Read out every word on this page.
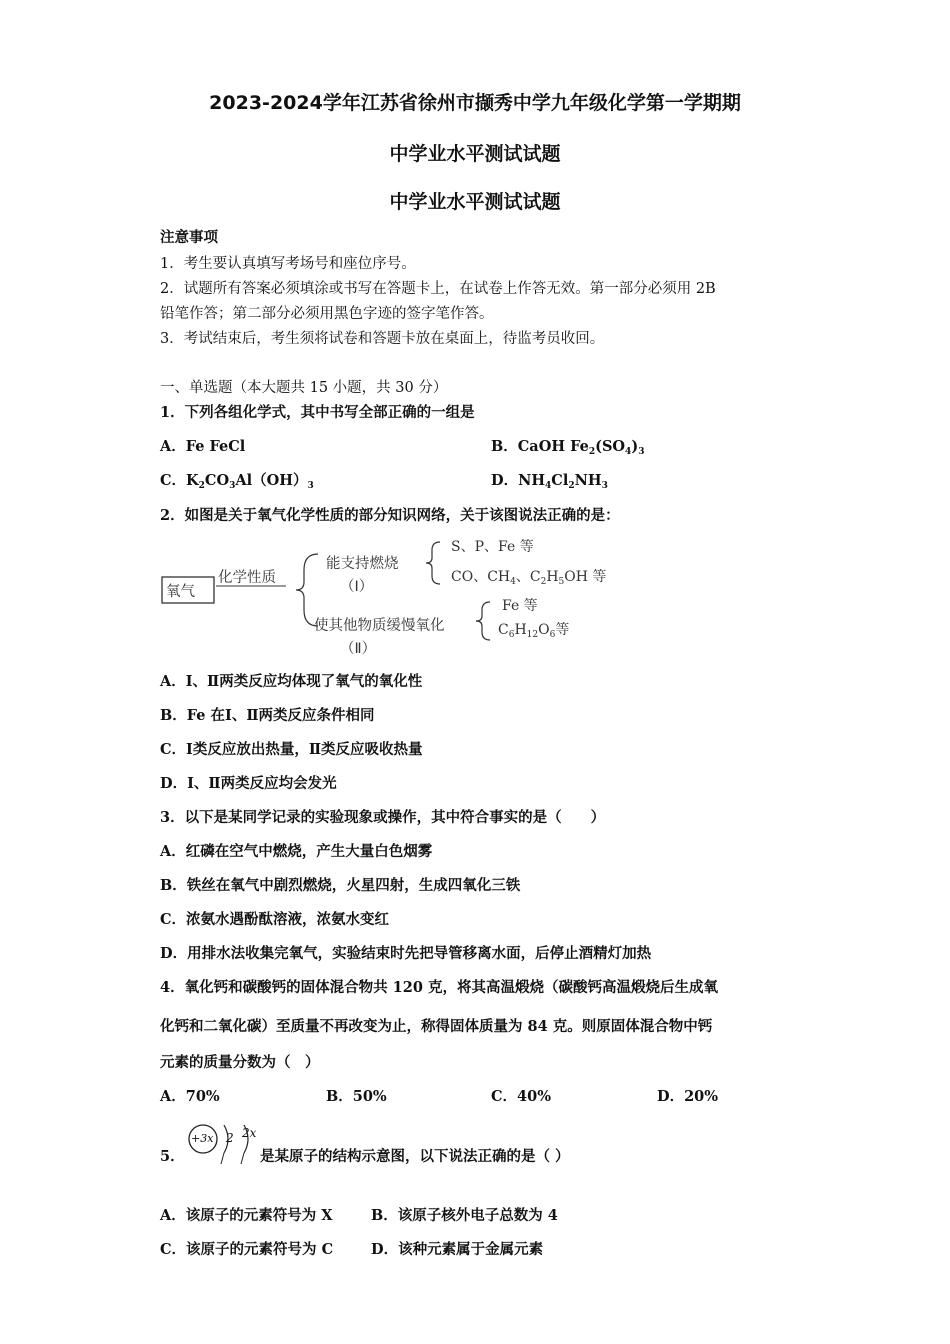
2023-2024学年江苏省徐州市撷秀中学九年级化学第一学期期
中学业水平测试试题
中学业水平测试试题
注意事项
1．考生要认真填写考场号和座位序号。
2．试题所有答案必须填涂或书写在答题卡上，在试卷上作答无效。第一部分必须用 2B
铅笔作答；第二部分必须用黑色字迹的签字笔作答。
3．考试结束后，考生须将试卷和答题卡放在桌面上，待监考员收回。
一、单选题（本大题共 15 小题，共 30 分）
1．下列各组化学式，其中书写全部正确的一组是
A．Fe FeCl	B．CaOH $Fe_2(SO_4)_3$
C．$K_2CO_3Al(OH)_3$	D．$NH_4Cl_2NH_3$
2．如图是关于氧气化学性质的部分知识网络，关于该图说法正确的是：
氧气
化学性质
能支持燃烧
（Ⅰ）
S、P、Fe 等
CO、$CH_4$、$C_2H_5OH$ 等
使其他物质缓慢氧化
（Ⅱ）
Fe 等
$C_6H_{12}O_6$等
A．Ⅰ、Ⅱ两类反应均体现了氧气的氧化性
B．Fe 在Ⅰ、Ⅱ两类反应条件相同
C．Ⅰ类反应放出热量，Ⅱ类反应吸收热量
D．Ⅰ、Ⅱ两类反应均会发光
3．以下是某同学记录的实验现象或操作，其中符合事实的是（　　）
A．红磷在空气中燃烧，产生大量白色烟雾
B．铁丝在氧气中剧烈燃烧，火星四射，生成四氧化三铁
C．浓氨水遇酚酞溶液，浓氨水变红
D．用排水法收集完氧气，实验结束时先把导管移离水面，后停止酒精灯加热
4．氧化钙和碳酸钙的固体混合物共 120 克，将其高温煅烧（碳酸钙高温煅烧后生成氧
化钙和二氧化碳）至质量不再改变为止，称得固体质量为 84 克。则原固体混合物中钙
元素的质量分数为（　）
A．70%	B．50%	C．40%	D．20%
5．
+3x 2 2x
是某原子的结构示意图，以下说法正确的是（ ）
A．该原子的元素符号为 X	B．该原子核外电子总数为 4
C．该原子的元素符号为 C	D．该种元素属于金属元素
